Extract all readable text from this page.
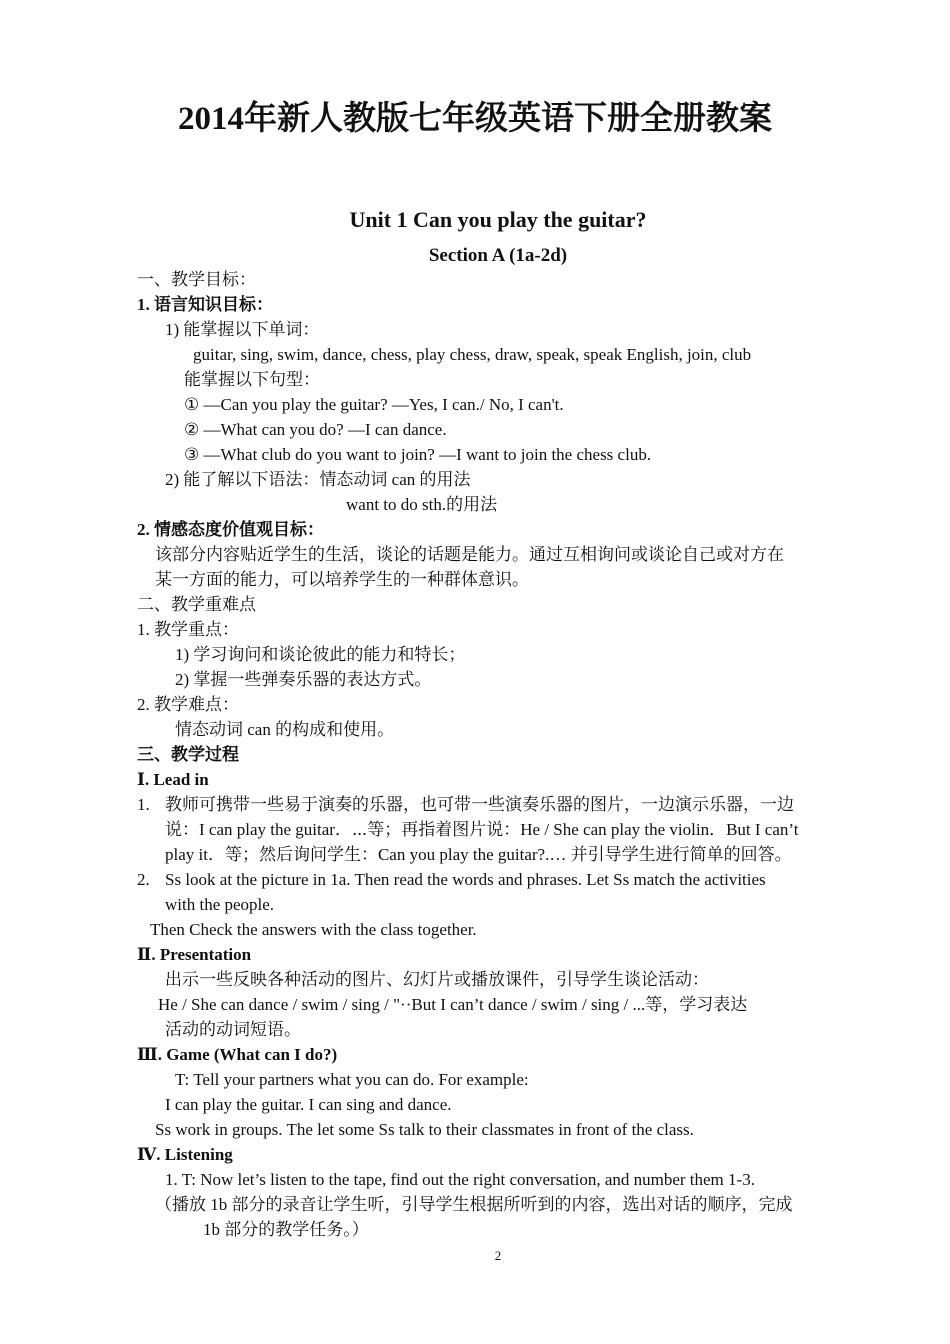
2014年新人教版七年级英语下册全册教案
Unit 1 Can you play the guitar?
Section A (1a-2d)
一、教学目标：
1. 语言知识目标：
1) 能掌握以下单词：
guitar, sing, swim, dance, chess, play chess, draw, speak, speak English, join, club
能掌握以下句型：
① —Can you play the guitar? —Yes, I can./ No, I can't.
② —What can you do? —I can dance.
③ —What club do you want to join? —I want to join the chess club.
2) 能了解以下语法：情态动词 can 的用法
want to do sth.的用法
2. 情感态度价值观目标：
该部分内容贴近学生的生活，谈论的话题是能力。通过互相询问或谈论自己或对方在
某一方面的能力，可以培养学生的一种群体意识。
二、教学重难点
1. 教学重点：
1) 学习询问和谈论彼此的能力和特长；
2) 掌握一些弹奏乐器的表达方式。
2. 教学难点：
情态动词 can 的构成和使用。
三、教学过程
Ⅰ. Lead in
1. 教师可携带一些易于演奏的乐器，也可带一些演奏乐器的图片，一边演示乐器，一边
说：I can play the guitar．⋯等；再指着图片说：He / She can play the violin．But I can’t
play it．等；然后询问学生：Can you play the guitar?.… 并引导学生进行简单的回答。
2. Ss look at the picture in 1a. Then read the words and phrases. Let Ss match the activities
with the people.
Then Check the answers with the class together.
Ⅱ. Presentation
出示一些反映各种活动的图片、幻灯片或播放课件，引导学生谈论活动：
He / She can dance / swim / sing / "··But I can’t dance / swim / sing / ...等，学习表达
活动的动词短语。
Ⅲ. Game (What can I do?)
T: Tell your partners what you can do. For example:
I can play the guitar. I can sing and dance.
Ss work in groups. The let some Ss talk to their classmates in front of the class.
Ⅳ. Listening
1. T: Now let’s listen to the tape, find out the right conversation, and number them 1-3.
（播放 1b 部分的录音让学生听，引导学生根据所听到的内容，选出对话的顺序，完成
1b 部分的教学任务。）
2
